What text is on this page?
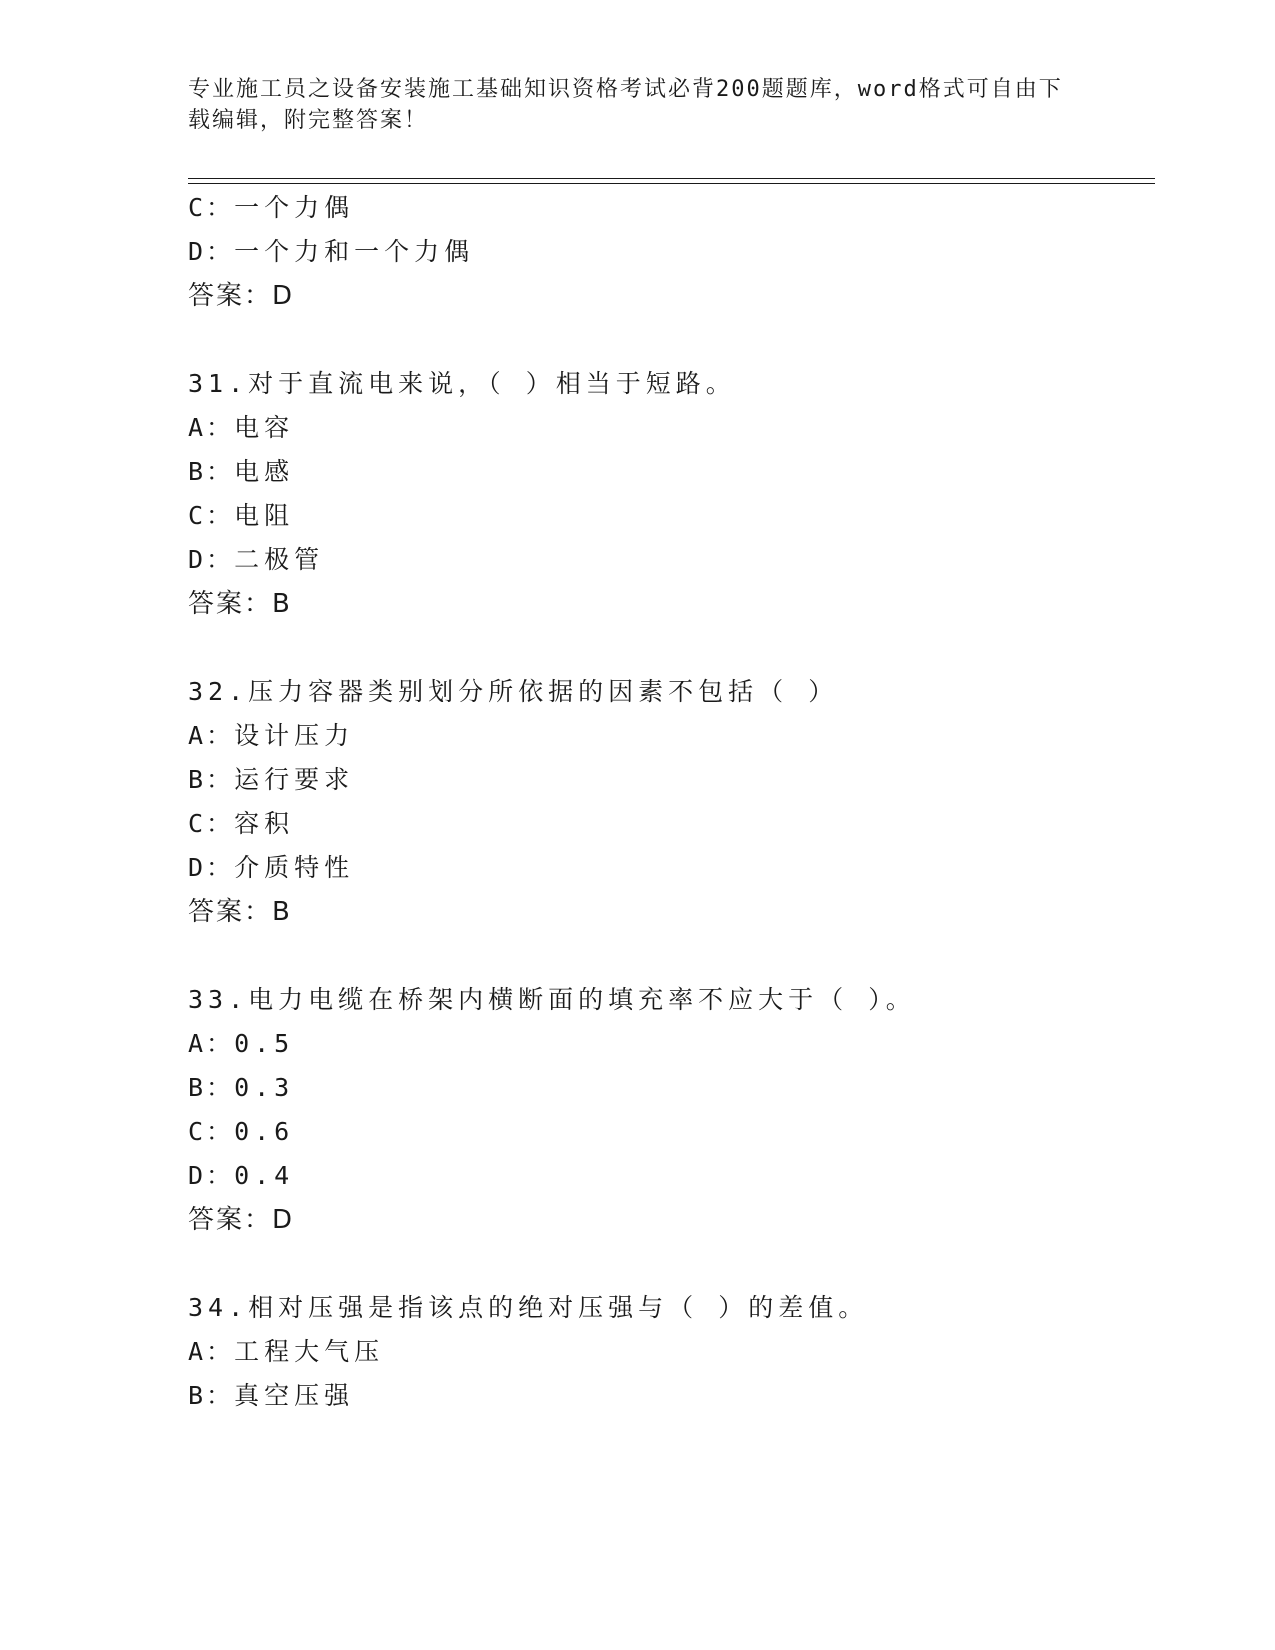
专业施工员之设备安装施工基础知识资格考试必背200题题库，word格式可自由下载编辑，附完整答案！
C：一个力偶
D：一个力和一个力偶
答案：D
31.对于直流电来说，（ ）相当于短路。
A：电容
B：电感
C：电阻
D：二极管
答案：B
32.压力容器类别划分所依据的因素不包括（ ）
A：设计压力
B：运行要求
C：容积
D：介质特性
答案：B
33.电力电缆在桥架内横断面的填充率不应大于（ ）。
A：0.5
B：0.3
C：0.6
D：0.4
答案：D
34.相对压强是指该点的绝对压强与（ ）的差值。
A：工程大气压
B：真空压强
